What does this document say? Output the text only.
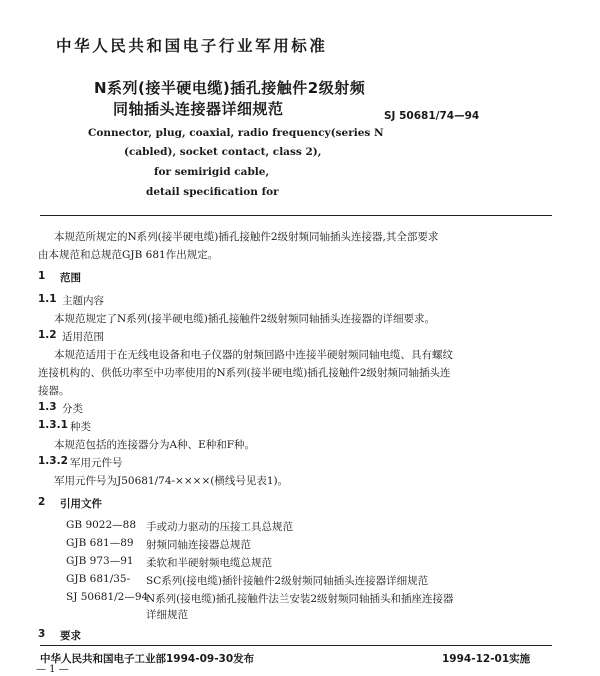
中华人民共和国电子行业军用标准
N系列(接半硬电缆)插孔接触件2级射频
同轴插头连接器详细规范	SJ 50681/74—94
Connector, plug, coaxial, radio frequency(series N
(cabled), socket contact, class 2),
for semirigid cable,
detail specification for
本规范所规定的N系列(接半硬电缆)插孔接触件2级射频同轴插头连接器,其全部要求
由本规范和总规范GJB 681作出规定。
1 范围
1.1 主题内容
本规范规定了N系列(接半硬电缆)插孔接触件2级射频同轴插头连接器的详细要求。
1.2 适用范围
本规范适用于在无线电设备和电子仪器的射频回路中连接半硬射频同轴电缆、具有螺纹
连接机构的、供低功率至中功率使用的N系列(接半硬电缆)插孔接触件2级射频同轴插头连
接器。
1.3 分类
1.3.1 种类
本规范包括的连接器分为A种、E种和F种。
1.3.2 军用元件号
军用元件号为J50681/74-××××(横线号见表1)。
2 引用文件
GB 9022—88 手或动力驱动的压接工具总规范
GJB 681—89 射频同轴连接器总规范
GJB 973—91 柔软和半硬射频电缆总规范
GJB 681/35- SC系列(接电缆)插针接触件2级射频同轴插头连接器详细规范
SJ 50681/2—94
N系列(接电缆)插孔接触件法兰安装2级射频同轴插头和插座连接器
详细规范
3 要求
中华人民共和国电子工业部1994-09-30发布	1994-12-01实施
— 1 —
